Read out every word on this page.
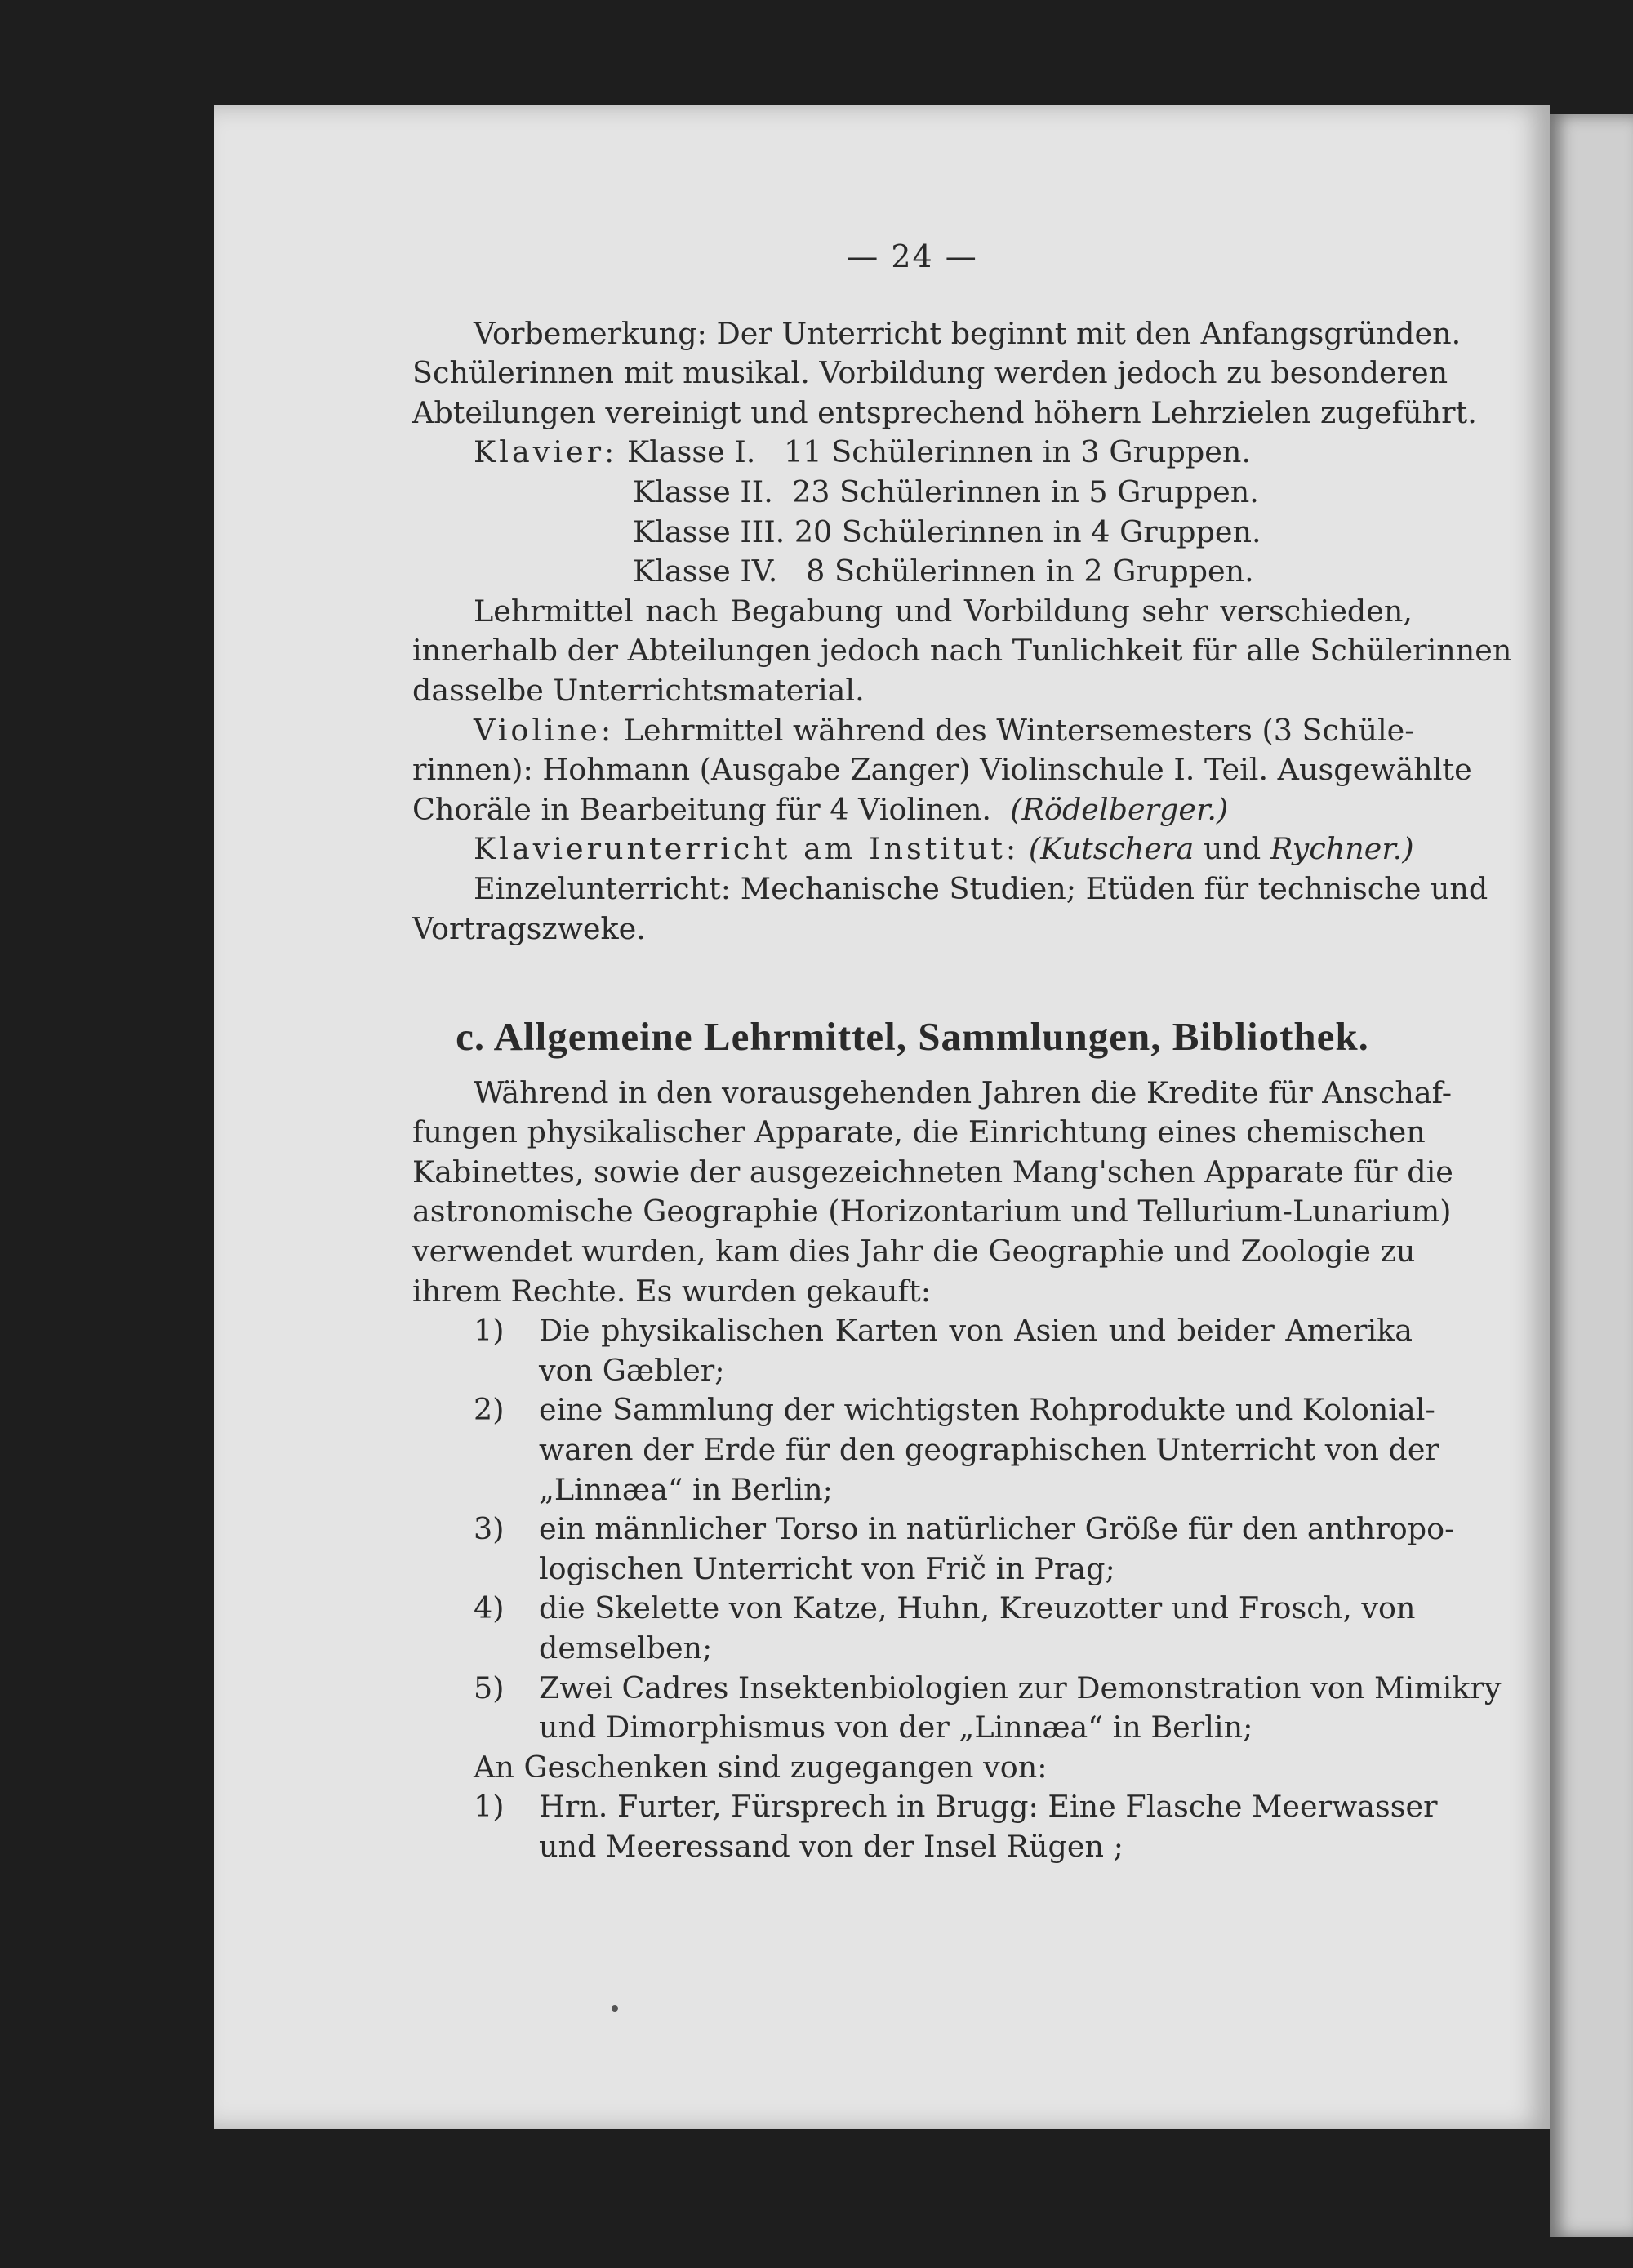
— 24 —
Vorbemerkung: Der Unterricht beginnt mit den Anfangsgründen.
Schülerinnen mit musikal. Vorbildung werden jedoch zu besonderen
Abteilungen vereinigt und entsprechend höhern Lehrzielen zugeführt.
Klavier: Klasse I.   11 Schülerinnen in 3 Gruppen.
Klasse II.  23 Schülerinnen in 5 Gruppen.
Klasse III. 20 Schülerinnen in 4 Gruppen.
Klasse IV.   8 Schülerinnen in 2 Gruppen.
Lehrmittel nach Begabung und Vorbildung sehr verschieden,
innerhalb der Abteilungen jedoch nach Tunlichkeit für alle Schülerinnen
dasselbe Unterrichtsmaterial.
Violine: Lehrmittel während des Wintersemesters (3 Schüle-
rinnen): Hohmann (Ausgabe Zanger) Violinschule I. Teil. Ausgewählte
Choräle in Bearbeitung für 4 Violinen. (Rödelberger.)
Klavierunterricht am Institut: (Kutschera und Rychner.)
Einzelunterricht: Mechanische Studien; Etüden für technische und
Vortragszweke.
c. Allgemeine Lehrmittel, Sammlungen, Bibliothek.
Während in den vorausgehenden Jahren die Kredite für Anschaf-
fungen physikalischer Apparate, die Einrichtung eines chemischen
Kabinettes, sowie der ausgezeichneten Mang'schen Apparate für die
astronomische Geographie (Horizontarium und Tellurium-Lunarium)
verwendet wurden, kam dies Jahr die Geographie und Zoologie zu
ihrem Rechte. Es wurden gekauft:
1) Die physikalischen Karten von Asien und beider Amerika
von Gæbler;
2) eine Sammlung der wichtigsten Rohprodukte und Kolonial-
waren der Erde für den geographischen Unterricht von der
„Linnæa“ in Berlin;
3) ein männlicher Torso in natürlicher Größe für den anthropo-
logischen Unterricht von Frič in Prag;
4) die Skelette von Katze, Huhn, Kreuzotter und Frosch, von
demselben;
5) Zwei Cadres Insektenbiologien zur Demonstration von Mimikry
und Dimorphismus von der „Linnæa“ in Berlin;
An Geschenken sind zugegangen von:
1) Hrn. Furter, Fürsprech in Brugg: Eine Flasche Meerwasser
und Meeressand von der Insel Rügen ;
